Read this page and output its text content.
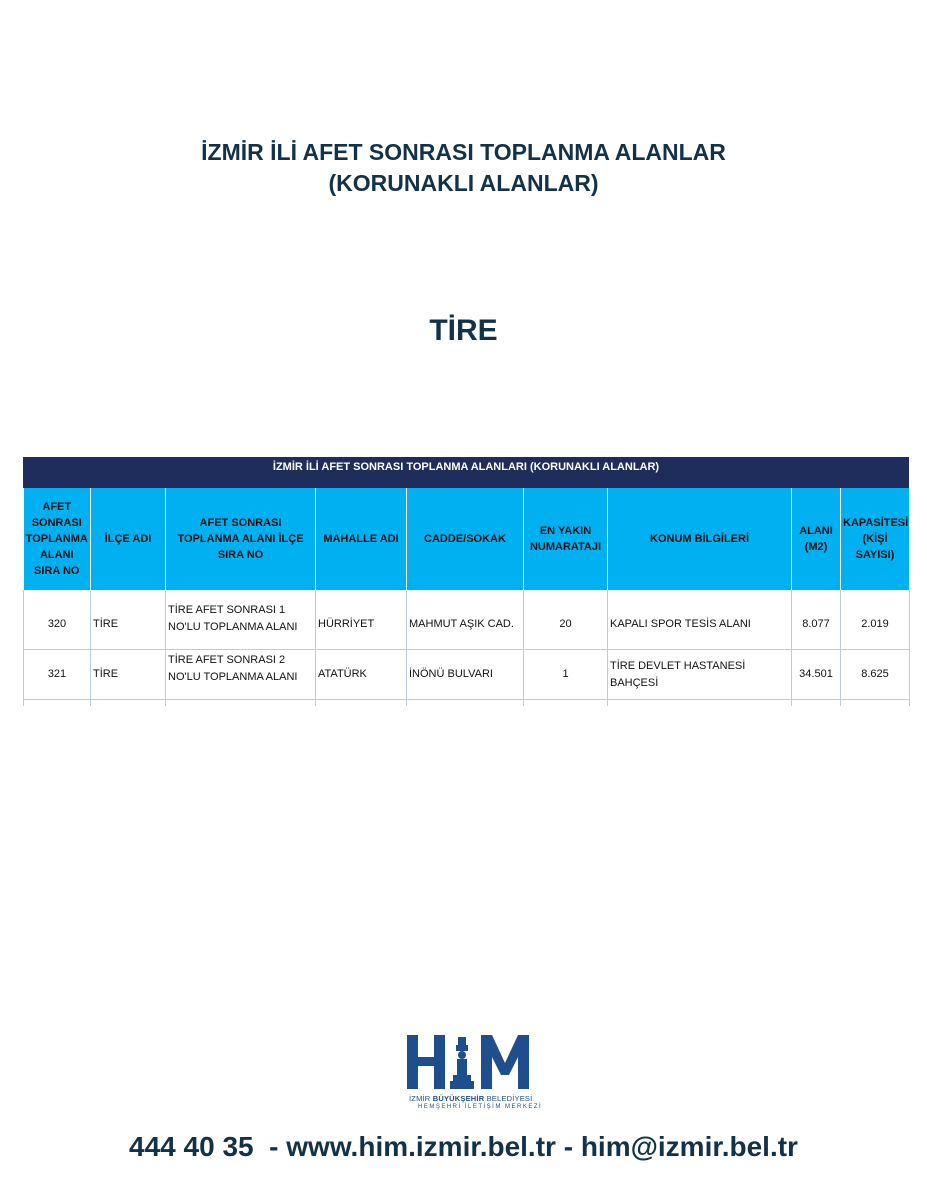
İZMİR İLİ AFET SONRASI TOPLANMA ALANLAR
(KORUNAKLI ALANLAR)
TİRE
İZMİR İLİ AFET SONRASI TOPLANMA ALANLARI (KORUNAKLI ALANLAR)
AFET SONRASI TOPLANMA ALANI SIRA NO	İLÇE ADI	AFET SONRASI TOPLANMA ALANI İLÇE SIRA NO	MAHALLE ADI	CADDE/SOKAK	EN YAKIN NUMARATAJI	KONUM BİLGİLERİ	ALANI (M2)	KAPASİTESİ (KİŞİ SAYISI)

320	TİRE	TİRE AFET SONRASI 1 NO'LU TOPLANMA ALANI	HÜRRİYET	MAHMUT AŞIK CAD.	20	KAPALI SPOR TESİS ALANI	8.077	2.019
321	TİRE	TİRE AFET SONRASI 2 NO'LU TOPLANMA ALANI	ATATÜRK	İNÖNÜ BULVARI	1	TİRE DEVLET HASTANESİ BAHÇESİ	34.501	8.625

İZMİR BÜYÜKŞEHİR BELEDİYESİ
HEMŞEHRİ İLETİŞİM MERKEZİ
444 40 35  - www.him.izmir.bel.tr - him@izmir.bel.tr
